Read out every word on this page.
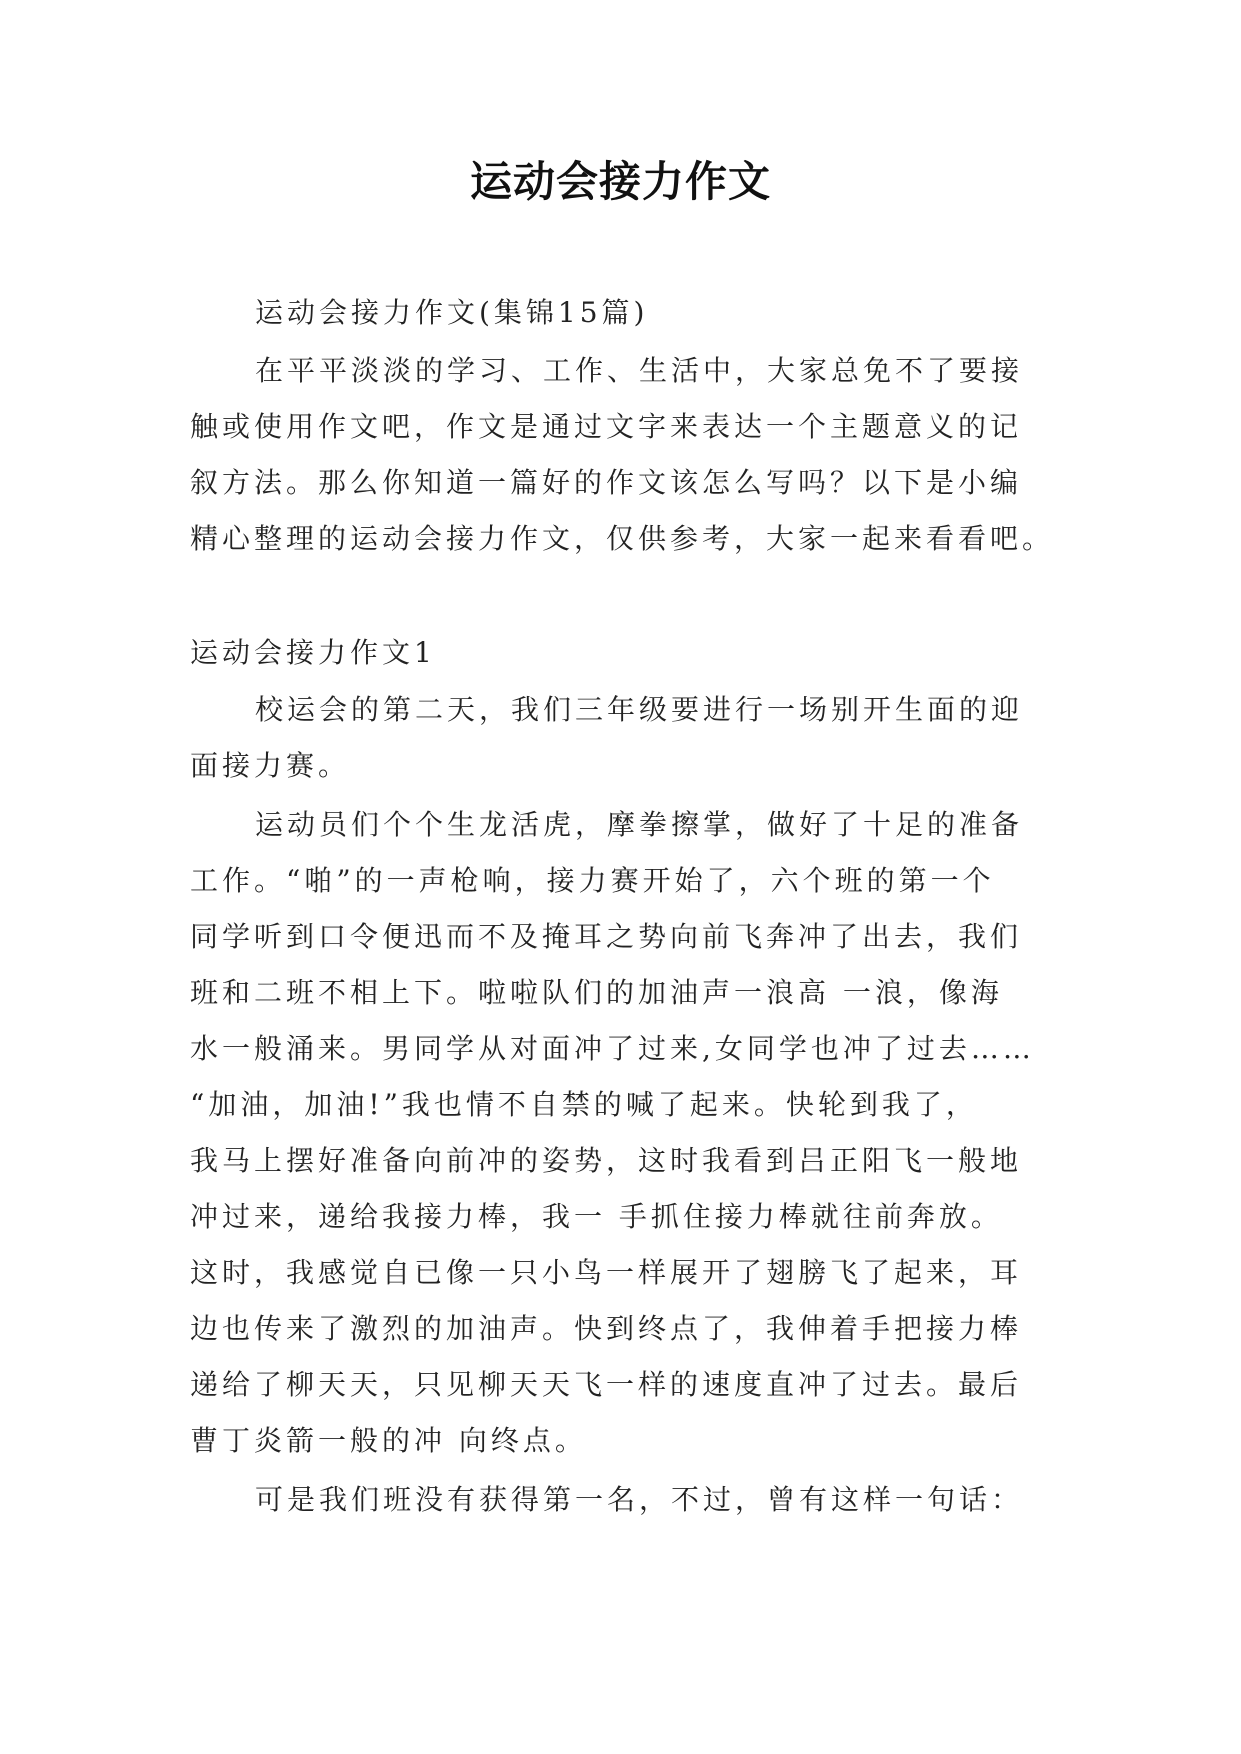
运动会接力作文
运动会接力作文(集锦15篇)
在平平淡淡的学习、工作、生活中，大家总免不了要接
触或使用作文吧，作文是通过文字来表达一个主题意义的记
叙方法。那么你知道一篇好的作文该怎么写吗？以下是小编
精心整理的运动会接力作文，仅供参考，大家一起来看看吧。
运动会接力作文1
校运会的第二天，我们三年级要进行一场别开生面的迎
面接力赛。
运动员们个个生龙活虎，摩拳擦掌，做好了十足的准备
工作。“啪”的一声枪响，接力赛开始了，六个班的第一个
同学听到口令便迅而不及掩耳之势向前飞奔冲了出去，我们
班和二班不相上下。啦啦队们的加油声一浪高 一浪，像海
水一般涌来。男同学从对面冲了过来,女同学也冲了过去……
“加油，加油!”我也情不自禁的喊了起来。快轮到我了，
我马上摆好准备向前冲的姿势，这时我看到吕正阳飞一般地
冲过来，递给我接力棒，我一 手抓住接力棒就往前奔放。
这时，我感觉自已像一只小鸟一样展开了翅膀飞了起来，耳
边也传来了激烈的加油声。快到终点了，我伸着手把接力棒
递给了柳天天，只见柳天天飞一样的速度直冲了过去。最后
曹丁炎箭一般的冲 向终点。
可是我们班没有获得第一名，不过，曾有这样一句话：
